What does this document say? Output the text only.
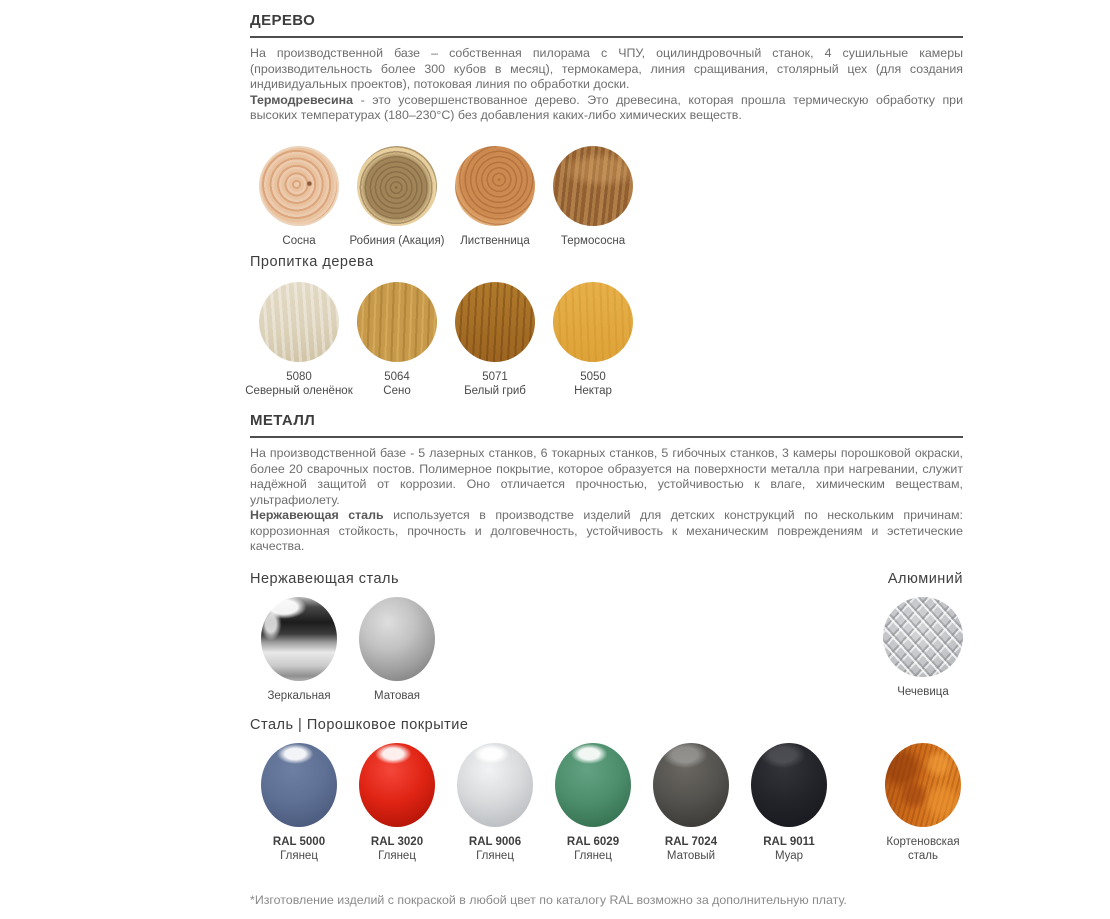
ДЕРЕВО

На производственной базе – собственная пилорама с ЧПУ, оцилиндровочный станок, 4 сушильные камеры (производительность более 300 кубов в месяц), термокамера, линия сращивания, столярный цех (для создания индивидуальных проектов), потоковая линия по обработки доски.

Термодревесина - это усовершенствованное дерево. Это древесина, которая прошла термическую обработку при высоких температурах (180–230°C) без добавления каких-либо химических веществ.

Сосна	Робиния (Акация)	Лиственница	Термососна
Пропитка дерева
5080
Северный оленёнок
5064
Сено
5071
Белый гриб
5050
Нектар
МЕТАЛЛ

На производственной базе - 5 лазерных станков, 6 токарных станков, 5 гибочных станков, 3 камеры порошковой окраски, более 20 сварочных постов. Полимерное покрытие, которое образуется на поверхности металла при нагревании, служит надёжной защитой от коррозии. Оно отличается прочностью, устойчивостью к влаге, химическим веществам, ультрафиолету.

Нержавеющая сталь используется в производстве изделий для детских конструкций по нескольким причинам: коррозионная стойкость, прочность и долговечность, устойчивость к механическим повреждениям и эстетические качества.

Нержавеющая сталь	Алюминий
Зеркальная	Матовая	Чечевица
Сталь | Порошковое покрытие
RAL 5000
Глянец
RAL 3020
Глянец
RAL 9006
Глянец
RAL 6029
Глянец
RAL 7024
Матовый
RAL 9011
Муар
Кортеновская сталь

*Изготовление изделий с покраской в любой цвет по каталогу RAL возможно за дополнительную плату.
